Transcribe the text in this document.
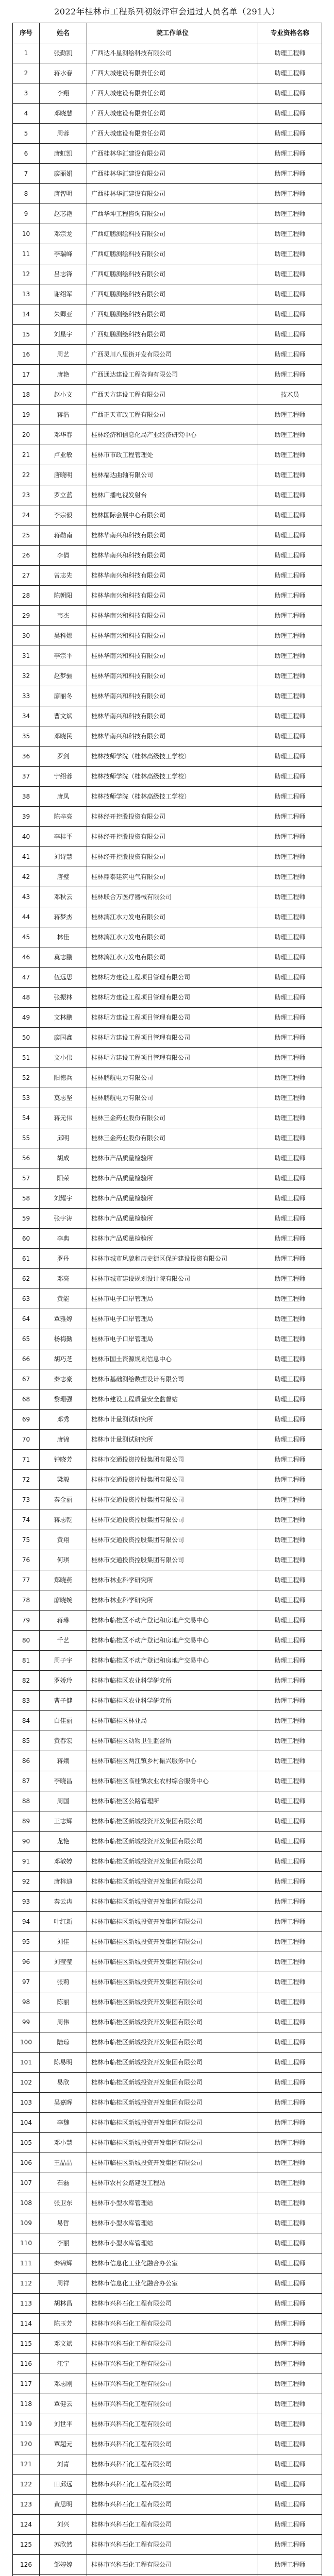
2022年桂林市工程系列初级评审会通过人员名单（291人）
序号	姓名	院工作单位	专业资格名称
1	张勤凯	广西达斗星测绘科技有限公司	助理工程师
2	蒋水春	广西大城建设有限责任公司	助理工程师
3	李翔	广西大城建设有限责任公司	助理工程师
4	邓晓慧	广西大城建设有限责任公司	助理工程师
5	周蓉	广西大城建设有限责任公司	助理工程师
6	唐虹凯	广西桂林华汇建设有限公司	助理工程师
7	廖丽娟	广西桂林华汇建设有限公司	助理工程师
8	唐智明	广西桂林华汇建设有限公司	助理工程师
9	赵芯艳	广西华坤工程咨询有限公司	助理工程师
10	邓宗龙	广西虹鹏测绘科技有限公司	助理工程师
11	李瑞峰	广西虹鹏测绘科技有限公司	助理工程师
12	吕志锋	广西虹鹏测绘科技有限公司	助理工程师
13	谢绍军	广西虹鹏测绘科技有限公司	助理工程师
14	朱卿亚	广西虹鹏测绘科技有限公司	助理工程师
15	刘星宇	广西虹鹏测绘科技有限公司	助理工程师
16	周艺	广西灵川八里街开发有限公司	助理工程师
17	唐艳	广西通达建设工程咨询有限公司	助理工程师
18	赵小文	广西天方建设工程有限公司	技术员
19	蒋浩	广西正天市政工程有限公司	助理工程师
20	邓华春	桂林经济和信息化局产业经济研究中心	助理工程师
21	卢业敏	桂林市市政工程管理处	助理工程师
22	唐晓明	桂林福达曲轴有限公司	助理工程师
23	罗立蓝	桂林广播电视发射台	助理工程师
24	李宗毅	桂林国际会展中心有限公司	助理工程师
25	蒋勋南	桂林华南兴和科技有限公司	助理工程师
26	李倩	桂林华南兴和科技有限公司	助理工程师
27	曾志先	桂林华南兴和科技有限公司	助理工程师
28	陈朝阳	桂林华南兴和科技有限公司	助理工程师
29	韦杰	桂林华南兴和科技有限公司	助理工程师
30	吴科娜	桂林华南兴和科技有限公司	助理工程师
31	李宗平	桂林华南兴和科技有限公司	助理工程师
32	赵梦骊	桂林华南兴和科技有限公司	助理工程师
33	廖丽冬	桂林华南兴和科技有限公司	助理工程师
34	曹文斌	桂林华南兴和科技有限公司	助理工程师
35	邓晓民	桂林华南兴和科技有限公司	助理工程师
36	罗剑	桂林技师学院（桂林高级技工学校）	助理工程师
37	宁绍蓉	桂林技师学院（桂林高级技工学校）	助理工程师
38	唐凤	桂林技师学院（桂林高级技工学校）	助理工程师
39	陈辛亮	桂林经开控股投资有限公司	助理工程师
40	李桂平	桂林经开控股投资有限公司	助理工程师
41	刘诗慧	桂林经开控股投资有限公司	助理工程师
42	唐璧	桂林鼎泰建筑电气有限公司	助理工程师
43	邓秋云	桂林联合万医疗器械有限公司	助理工程师
44	蒋梦杰	桂林漓江水力发电有限公司	助理工程师
45	林佳	桂林漓江水力发电有限公司	助理工程师
46	莫志鹏	桂林漓江水力发电有限公司	助理工程师
47	伍远思	桂林明方建设工程项目管理有限公司	助理工程师
48	张振林	桂林明方建设工程项目管理有限公司	助理工程师
49	文林鹏	桂林明方建设工程项目管理有限公司	助理工程师
50	廖国鑫	桂林明方建设工程项目管理有限公司	助理工程师
51	文小伟	桂林明方建设工程项目管理有限公司	助理工程师
52	阳德兵	桂林鹏航电力有限公司	助理工程师
53	莫志坚	桂林鹏航电力有限公司	助理工程师
54	蒋元伟	桂林三金药业股份有限公司	助理工程师
55	邱明	桂林三金药业股份有限公司	助理工程师
56	胡成	桂林市产品质量检验所	助理工程师
57	阳荣	桂林市产品质量检验所	助理工程师
58	刘耀宇	桂林市产品质量检验所	助理工程师
59	张宇涛	桂林市产品质量检验所	助理工程师
60	李典	桂林市产品质量检验所	助理工程师
61	罗丹	桂林市城市风貌和历史街区保护建设投资有限公司	助理工程师
62	邓亮	桂林市城市建设规划设计院有限公司	助理工程师
63	黄能	桂林市电子口岸管理局	助理工程师
64	覃雅婷	桂林市电子口岸管理局	助理工程师
65	杨梅勤	桂林市电子口岸管理局	助理工程师
66	胡巧芝	桂林市国土资源规划信息中心	助理工程师
67	秦志豪	桂林市基础测绘数据设计有限公司	助理工程师
68	黎珊强	桂林市建设工程质量安全监督站	助理工程师
69	邓秀	桂林市计量测试研究所	助理工程师
70	唐锦	桂林市计量测试研究所	助理工程师
71	钟晓芳	桂林市交通投资控股集团有限公司	助理工程师
72	梁毅	桂林市交通投资控股集团有限公司	助理工程师
73	秦金丽	桂林市交通投资控股集团有限公司	助理工程师
74	蒋志乾	桂林市交通投资控股集团有限公司	助理工程师
75	黄翔	桂林市交通投资控股集团有限公司	助理工程师
76	何琪	桂林市交通投资控股集团有限公司	助理工程师
77	郑晓燕	桂林市林业科学研究所	助理工程师
78	廖晓婉	桂林市林业科学研究所	助理工程师
79	蒋琳	桂林市临桂区不动产登记和房地产交易中心	助理工程师
80	千艺	桂林市临桂区不动产登记和房地产交易中心	助理工程师
81	周子宇	桂林市临桂区不动产登记和房地产交易中心	助理工程师
82	罗娇玲	桂林市临桂区农业科学研究所	助理工程师
83	曹子健	桂林市临桂区农业科学研究所	助理工程师
84	白佳丽	桂林市临桂区林业局	助理工程师
85	黄春宏	桂林市临桂区动物卫生监督所	助理工程师
86	蒋娥	桂林市临桂区两江镇乡村振兴服务中心	助理工程师
87	李晓昌	桂林市临桂区临桂镇农业农村综合服务中心	助理工程师
88	周国	桂林市临桂区公路管理所	助理工程师
89	王志辉	桂林市临桂区新城投资开发集团有限公司	助理工程师
90	龙艳	桂林市临桂区新城投资开发集团有限公司	助理工程师
91	邓敏婷	桂林市临桂区新城投资开发集团有限公司	助理工程师
92	唐梓迪	桂林市临桂区新城投资开发集团有限公司	助理工程师
93	秦云冉	桂林市临桂区新城投资开发集团有限公司	助理工程师
94	叶红新	桂林市临桂区新城投资开发集团有限公司	助理工程师
95	刘佳	桂林市临桂区新城投资开发集团有限公司	助理工程师
96	刘莹莹	桂林市临桂区新城投资开发集团有限公司	助理工程师
97	张莉	桂林市临桂区新城投资开发集团有限公司	助理工程师
98	陈丽	桂林市临桂区新城投资开发集团有限公司	助理工程师
99	周伟	桂林市临桂区新城投资开发集团有限公司	助理工程师
100	陆琼	桂林市临桂区新城投资开发集团有限公司	助理工程师
101	陈易明	桂林市临桂区新城投资开发集团有限公司	助理工程师
102	易欣	桂林市临桂区新城投资开发集团有限公司	助理工程师
103	吴嘉晖	桂林市临桂区新城投资开发集团有限公司	助理工程师
104	李魏	桂林市临桂区新城投资开发集团有限公司	助理工程师
105	邓小慧	桂林市临桂区新城投资开发集团有限公司	助理工程师
106	王晶晶	桂林市临桂区新城投资开发集团有限公司	助理工程师
107	石磊	桂林市农村公路建设工程站	助理工程师
108	张卫东	桂林市小型水库管理站	助理工程师
109	易哲	桂林市小型水库管理站	助理工程师
110	李丽	桂林市小型水库管理站	助理工程师
111	秦锦辉	桂林市信息化工业化融合办公室	助理工程师
112	周祥	桂林市信息化工业化融合办公室	助理工程师
113	胡林昌	桂林市兴科石化工程有限公司	助理工程师
114	陈玉芳	桂林市兴科石化工程有限公司	助理工程师
115	邓文斌	桂林市兴科石化工程有限公司	助理工程师
116	江宁	桂林市兴科石化工程有限公司	助理工程师
117	邓志刚	桂林市兴科石化工程有限公司	助理工程师
118	覃健云	桂林市兴科石化工程有限公司	助理工程师
119	刘世平	桂林市兴科石化工程有限公司	助理工程师
120	覃超元	桂林市兴科石化工程有限公司	助理工程师
121	刘青	桂林市兴科石化工程有限公司	助理工程师
122	田邱远	桂林市兴科石化工程有限公司	助理工程师
123	黄思明	桂林市兴科石化工程有限公司	助理工程师
124	刘兴	桂林市兴科石化工程有限公司	助理工程师
125	苏欣然	桂林市兴科石化工程有限公司	助理工程师
126	邹婷婷	桂林市兴科石化工程有限公司	助理工程师
